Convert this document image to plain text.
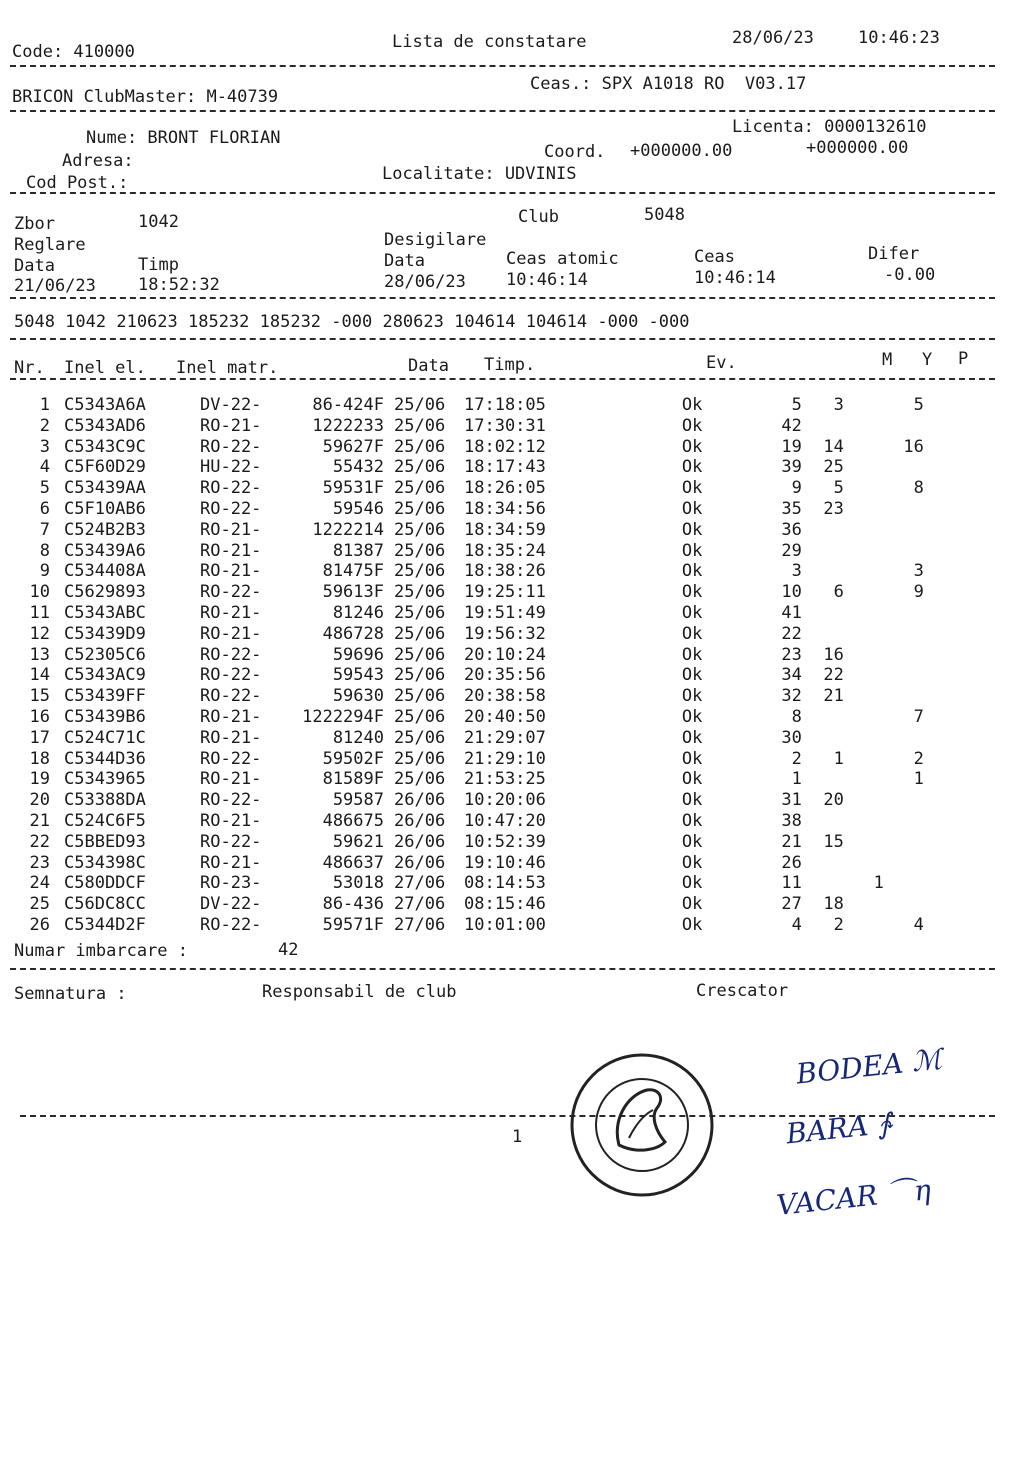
Code: 410000	Lista de constatare	28/06/23	10:46:23
BRICON ClubMaster: M-40739
Ceas.: SPX A1018 RO  V03.17
Nume: BRONT FLORIAN
Adresa:
Cod Post.:
Licenta: 0000132610
Coord. +000000.00	+000000.00
Localitate: UDVINIS
Zbor	1042	Club	5048
Reglare
Data	Timp
21/06/23 18:52:32
Desigilare
Data
28/06/23
Ceas atomic
10:46:14
Ceas
10:46:14
Difer
-0.00
5048 1042 210623 185232 185232 -000 280623 104614 104614 -000 -000
Nr. Inel el. Inel matr.	Data Timp.	Ev.	M Y P
1	C5343A6A	DV-22-	86-424F	25/06	17:18:05		Ok	5	3		5
2	C5343AD6	RO-21-	1222233	25/06	17:30:31		Ok	42			
3	C5343C9C	RO-22-	59627F	25/06	18:02:12		Ok	19	14		16
4	C5F60D29	HU-22-	55432	25/06	18:17:43		Ok	39	25		
5	C53439AA	RO-22-	59531F	25/06	18:26:05		Ok	9	5		8
6	C5F10AB6	RO-22-	59546	25/06	18:34:56		Ok	35	23		
7	C524B2B3	RO-21-	1222214	25/06	18:34:59		Ok	36			
8	C53439A6	RO-21-	81387	25/06	18:35:24		Ok	29			
9	C534408A	RO-21-	81475F	25/06	18:38:26		Ok	3			3
10	C5629893	RO-22-	59613F	25/06	19:25:11		Ok	10	6		9
11	C5343ABC	RO-21-	81246	25/06	19:51:49		Ok	41			
12	C53439D9	RO-21-	486728	25/06	19:56:32		Ok	22			
13	C52305C6	RO-22-	59696	25/06	20:10:24		Ok	23	16		
14	C5343AC9	RO-22-	59543	25/06	20:35:56		Ok	34	22		
15	C53439FF	RO-22-	59630	25/06	20:38:58		Ok	32	21		
16	C53439B6	RO-21-	1222294F	25/06	20:40:50		Ok	8			7
17	C524C71C	RO-21-	81240	25/06	21:29:07		Ok	30			
18	C5344D36	RO-22-	59502F	25/06	21:29:10		Ok	2	1		2
19	C5343965	RO-21-	81589F	25/06	21:53:25		Ok	1			1
20	C53388DA	RO-22-	59587	26/06	10:20:06		Ok	31	20		
21	C524C6F5	RO-21-	486675	26/06	10:47:20		Ok	38			
22	C5BBED93	RO-22-	59621	26/06	10:52:39		Ok	21	15		
23	C534398C	RO-21-	486637	26/06	19:10:46		Ok	26			
24	C580DDCF	RO-23-	53018	27/06	08:14:53		Ok	11		1	
25	C56DC8CC	DV-22-	86-436	27/06	08:15:46		Ok	27	18		
26	C5344D2F	RO-22-	59571F	27/06	10:01:00		Ok	4	2		4
Numar imbarcare :	42
Semnatura :	Responsabil de club	Crescator
1
BODEA ℳ
BARA ∱
VACAR ⌒η
